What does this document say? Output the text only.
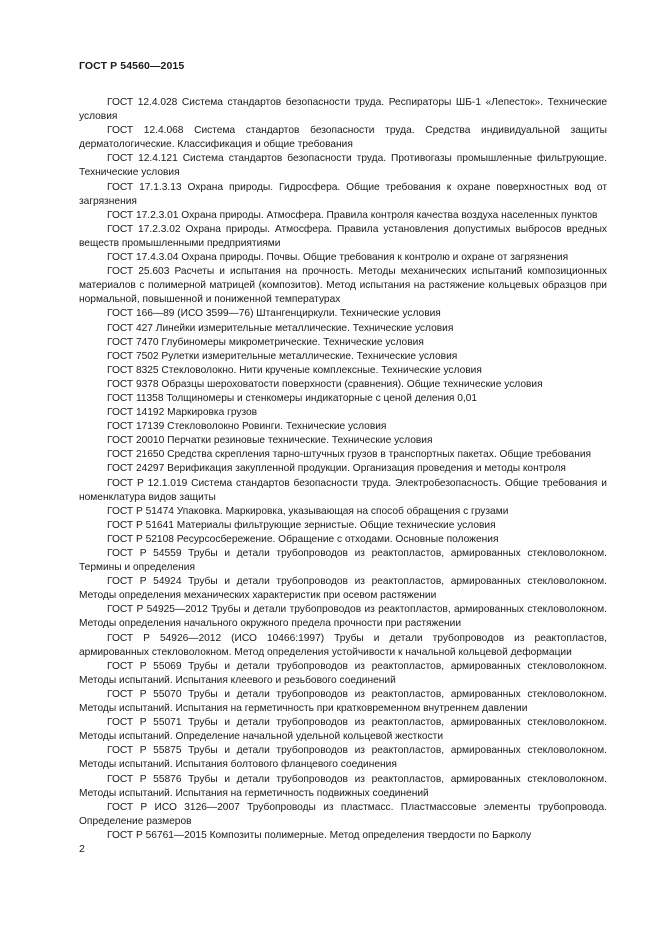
ГОСТ Р 54560—2015

ГОСТ 12.4.028 Система стандартов безопасности труда. Респираторы ШБ-1 «Лепесток». Технические условия

ГОСТ 12.4.068 Система стандартов безопасности труда. Средства индивидуальной защиты дерматологические. Классификация и общие требования

ГОСТ 12.4.121 Система стандартов безопасности труда. Противогазы промышленные фильтрующие. Технические условия

ГОСТ 17.1.3.13 Охрана природы. Гидросфера. Общие требования к охране поверхностных вод от загрязнения

ГОСТ 17.2.3.01 Охрана природы. Атмосфера. Правила контроля качества воздуха населенных пунктов

ГОСТ 17.2.3.02 Охрана природы. Атмосфера. Правила установления допустимых выбросов вредных веществ промышленными предприятиями

ГОСТ 17.4.3.04 Охрана природы. Почвы. Общие требования к контролю и охране от загрязнения

ГОСТ 25.603 Расчеты и испытания на прочность. Методы механических испытаний композиционных материалов с полимерной матрицей (композитов). Метод испытания на растяжение кольцевых образцов при нормальной, повышенной и пониженной температурах

ГОСТ 166—89 (ИСО 3599—76) Штангенциркули. Технические условия

ГОСТ 427 Линейки измерительные металлические. Технические условия

ГОСТ 7470 Глубиномеры микрометрические. Технические условия

ГОСТ 7502 Рулетки измерительные металлические. Технические условия

ГОСТ 8325 Стекловолокно. Нити крученые комплексные. Технические условия

ГОСТ 9378 Образцы шероховатости поверхности (сравнения). Общие технические условия

ГОСТ 11358 Толщиномеры и стенкомеры индикаторные с ценой деления 0,01

ГОСТ 14192 Маркировка грузов

ГОСТ 17139 Стекловолокно Ровинги. Технические условия

ГОСТ 20010 Перчатки резиновые технические. Технические условия

ГОСТ 21650 Средства скрепления тарно-штучных грузов в транспортных пакетах. Общие требования

ГОСТ 24297 Верификация закупленной продукции. Организация проведения и методы контроля

ГОСТ Р 12.1.019 Система стандартов безопасности труда. Электробезопасность. Общие требования и номенклатура видов защиты

ГОСТ Р 51474 Упаковка. Маркировка, указывающая на способ обращения с грузами

ГОСТ Р 51641 Материалы фильтрующие зернистые. Общие технические условия

ГОСТ Р 52108 Ресурсосбережение. Обращение с отходами. Основные положения

ГОСТ Р 54559 Трубы и детали трубопроводов из реактопластов, армированных стекловолокном. Термины и определения

ГОСТ Р 54924 Трубы и детали трубопроводов из реактопластов, армированных стекловолокном. Методы определения механических характеристик при осевом растяжении

ГОСТ Р 54925—2012 Трубы и детали трубопроводов из реактопластов, армированных стекловолокном. Методы определения начального окружного предела прочности при растяжении

ГОСТ Р 54926—2012 (ИСО 10466:1997) Трубы и детали трубопроводов из реактопластов, армированных стекловолокном. Метод определения устойчивости к начальной кольцевой деформации

ГОСТ Р 55069 Трубы и детали трубопроводов из реактопластов, армированных стекловолокном. Методы испытаний. Испытания клеевого и резьбового соединений

ГОСТ Р 55070 Трубы и детали трубопроводов из реактопластов, армированных стекловолокном. Методы испытаний. Испытания на герметичность при кратковременном внутреннем давлении

ГОСТ Р 55071 Трубы и детали трубопроводов из реактопластов, армированных стекловолокном. Методы испытаний. Определение начальной удельной кольцевой жесткости

ГОСТ Р 55875 Трубы и детали трубопроводов из реактопластов, армированных стекловолокном. Методы испытаний. Испытания болтового фланцевого соединения

ГОСТ Р 55876 Трубы и детали трубопроводов из реактопластов, армированных стекловолокном. Методы испытаний. Испытания на герметичность подвижных соединений

ГОСТ Р ИСО 3126—2007 Трубопроводы из пластмасс. Пластмассовые элементы трубопровода. Определение размеров

ГОСТ Р 56761—2015 Композиты полимерные. Метод определения твердости по Барколу

2
